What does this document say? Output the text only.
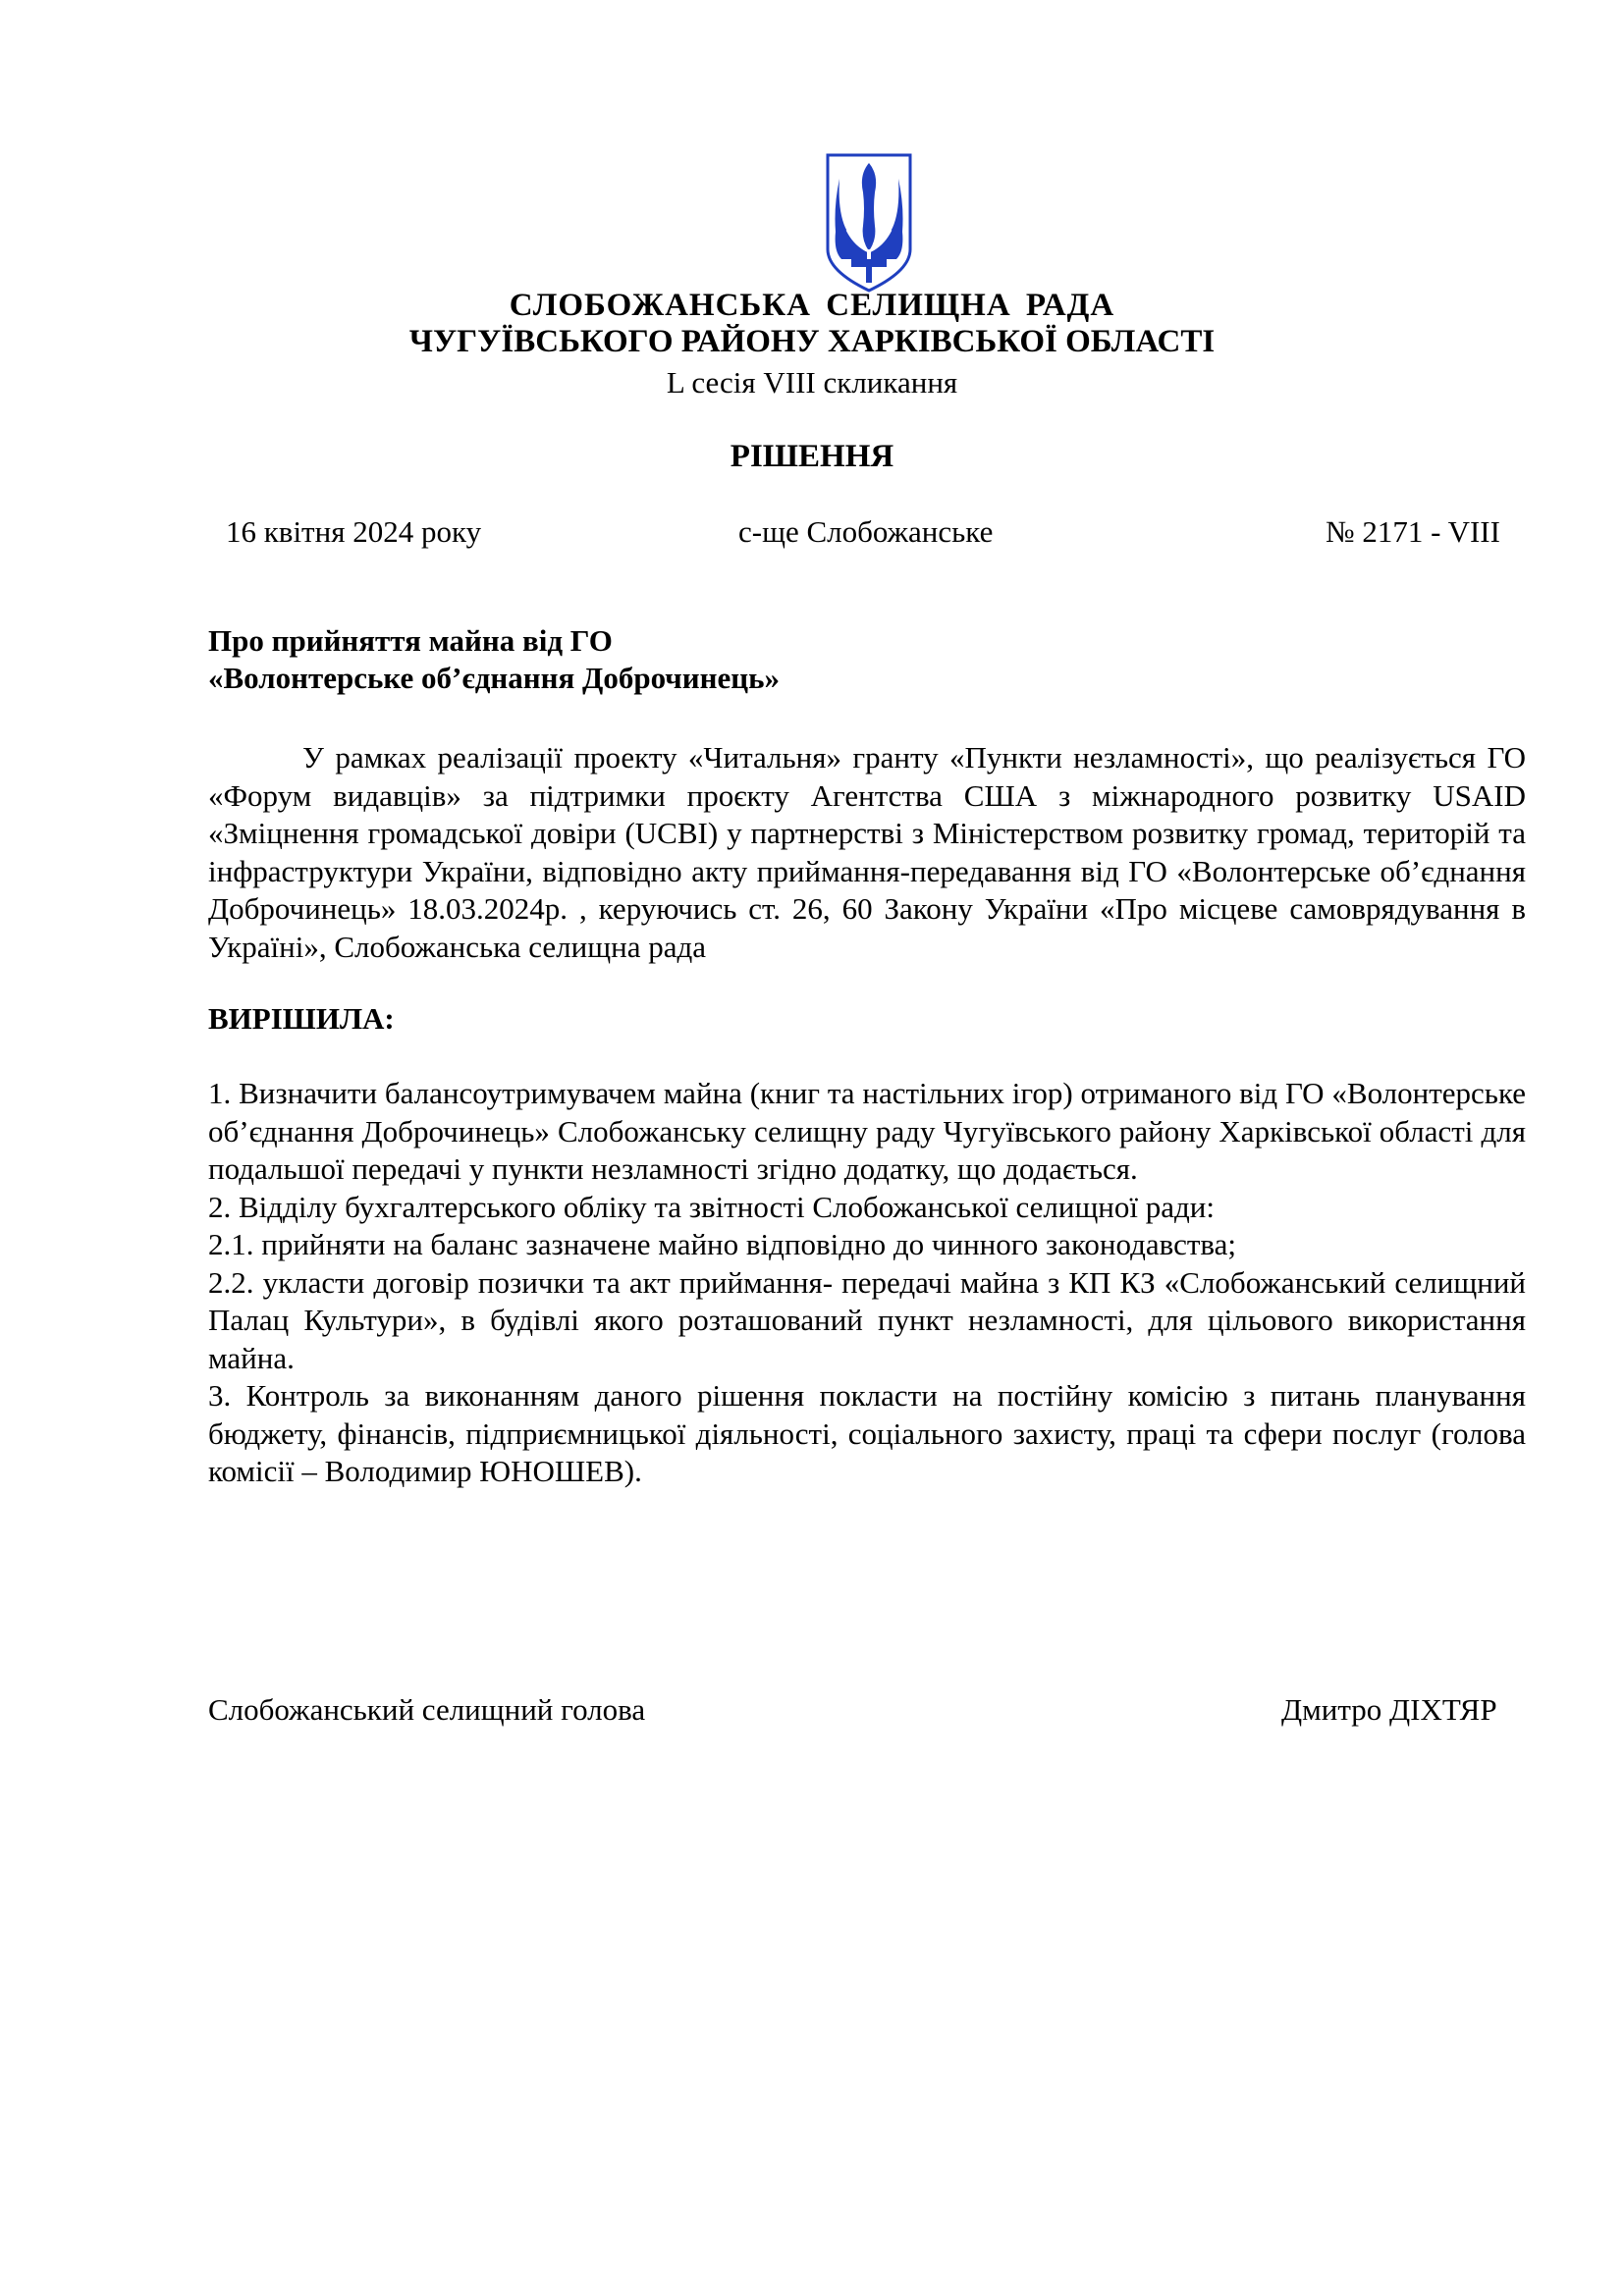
СЛОБОЖАНСЬКА СЕЛИЩНА РАДА
ЧУГУЇВСЬКОГО РАЙОНУ ХАРКІВСЬКОЇ ОБЛАСТІ
L сесія VIII скликання
РІШЕННЯ
16 квітня 2024 року	с-ще Слобожанське	№ 2171 - VIII
Про прийняття майна від ГО
«Волонтерське об’єднання Доброчинець»
У рамках реалізації проекту «Читальня» гранту «Пункти незламності», що реалізується ГО «Форум видавців» за підтримки проєкту Агентства США з міжнародного розвитку USAID «Зміцнення громадської довіри (UCBI) у партнерстві з Міністерством розвитку громад, територій та інфраструктури України, відповідно акту приймання-передавання від ГО «Волонтерське об’єднання Доброчинець» 18.03.2024р. , керуючись ст. 26, 60 Закону України «Про місцеве самоврядування в Україні», Слобожанська селищна рада
ВИРІШИЛА:

1. Визначити балансоутримувачем майна (книг та настільних ігор) отриманого від ГО «Волонтерське об’єднання Доброчинець» Слобожанську селищну раду Чугуївського району Харківської області для подальшої передачі у пункти незламності згідно додатку, що додається.

2. Відділу бухгалтерського обліку та звітності Слобожанської селищної ради:

2.1. прийняти на баланс зазначене майно відповідно до чинного законодавства;

2.2. укласти договір позички та акт приймання- передачі майна з КП КЗ «Слобожанський селищний Палац Культури», в будівлі якого розташований пункт незламності, для цільового використання майна.

3. Контроль за виконанням даного рішення покласти на постійну комісію з питань планування бюджету, фінансів, підприємницької діяльності, соціального захисту, праці та сфери послуг (голова комісії – Володимир ЮНОШЕВ).

Слобожанський селищний голова	Дмитро ДІХТЯР
